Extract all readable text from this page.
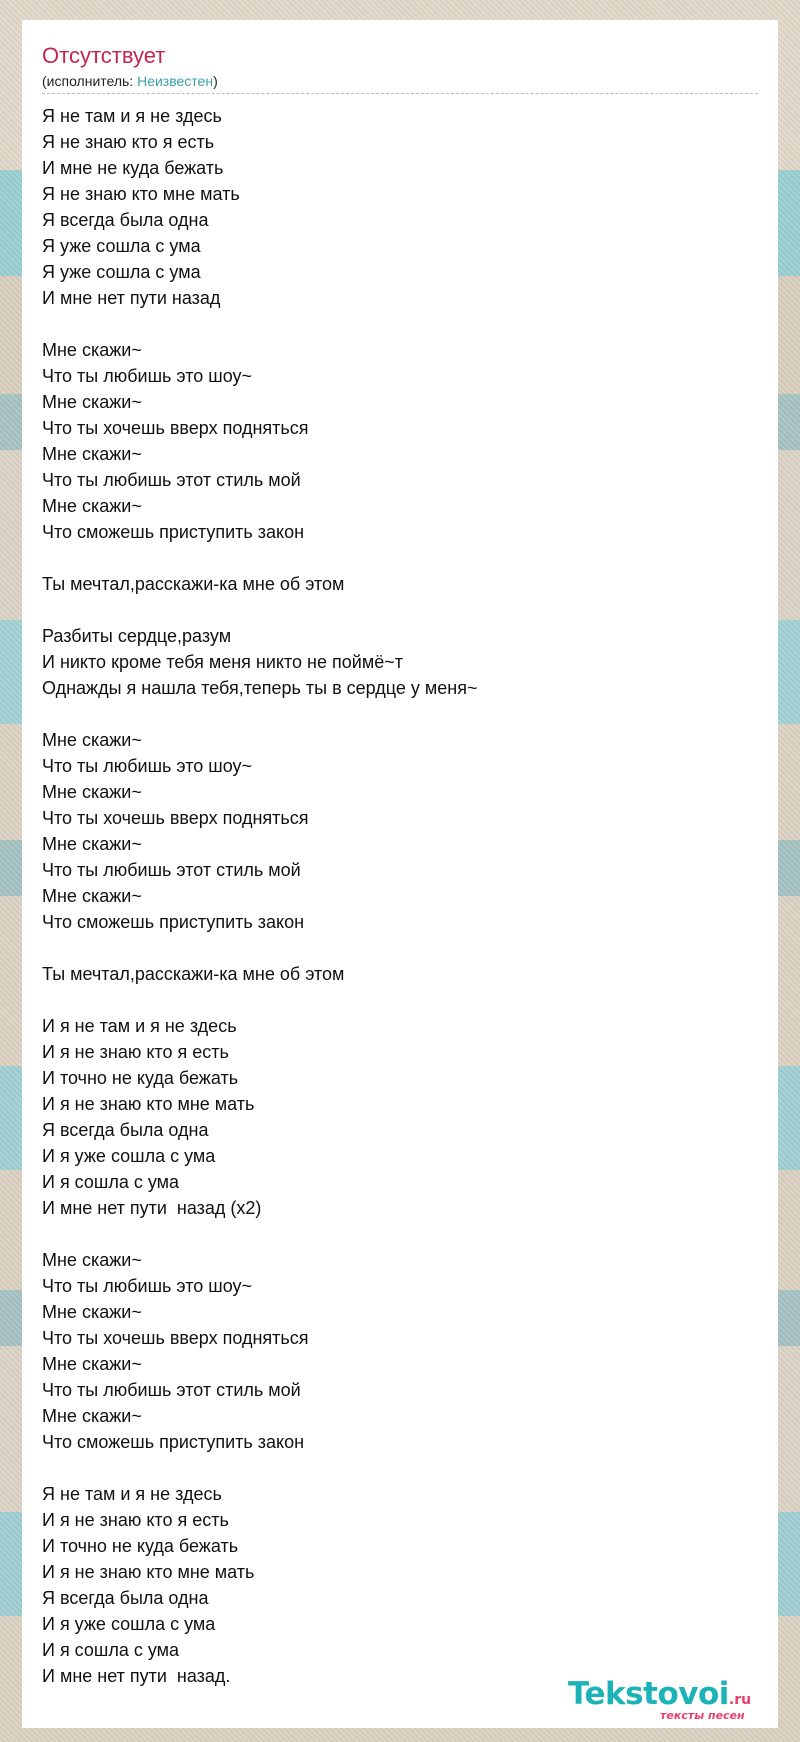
Отсутствует
(исполнитель: Неизвестен)
Я не там и я не здесь
Я не знаю кто я есть
И мне не куда бежать
Я не знаю кто мне мать
Я всегда была одна
Я уже сошла с ума
Я уже сошла с ума
И мне нет пути назад
Мне скажи~
Что ты любишь это шоу~
Мне скажи~
Что ты хочешь вверх подняться
Мне скажи~
Что ты любишь этот стиль мой
Мне скажи~
Что сможешь приступить закон
Ты мечтал,расскажи-ка мне об этом
Разбиты сердце,разум
И никто кроме тебя меня никто не поймё~т
Однажды я нашла тебя,теперь ты в сердце у меня~
Мне скажи~
Что ты любишь это шоу~
Мне скажи~
Что ты хочешь вверх подняться
Мне скажи~
Что ты любишь этот стиль мой
Мне скажи~
Что сможешь приступить закон
Ты мечтал,расскажи-ка мне об этом
И я не там и я не здесь
И я не знаю кто я есть
И точно не куда бежать
И я не знаю кто мне мать
Я всегда была одна
И я уже сошла с ума
И я сошла с ума
И мне нет пути  назад (x2)
Мне скажи~
Что ты любишь это шоу~
Мне скажи~
Что ты хочешь вверх подняться
Мне скажи~
Что ты любишь этот стиль мой
Мне скажи~
Что сможешь приступить закон
Я не там и я не здесь
И я не знаю кто я есть
И точно не куда бежать
И я не знаю кто мне мать
Я всегда была одна
И я уже сошла с ума
И я сошла с ума
И мне нет пути  назад.	Tekstovoi.ru
тексты песен
